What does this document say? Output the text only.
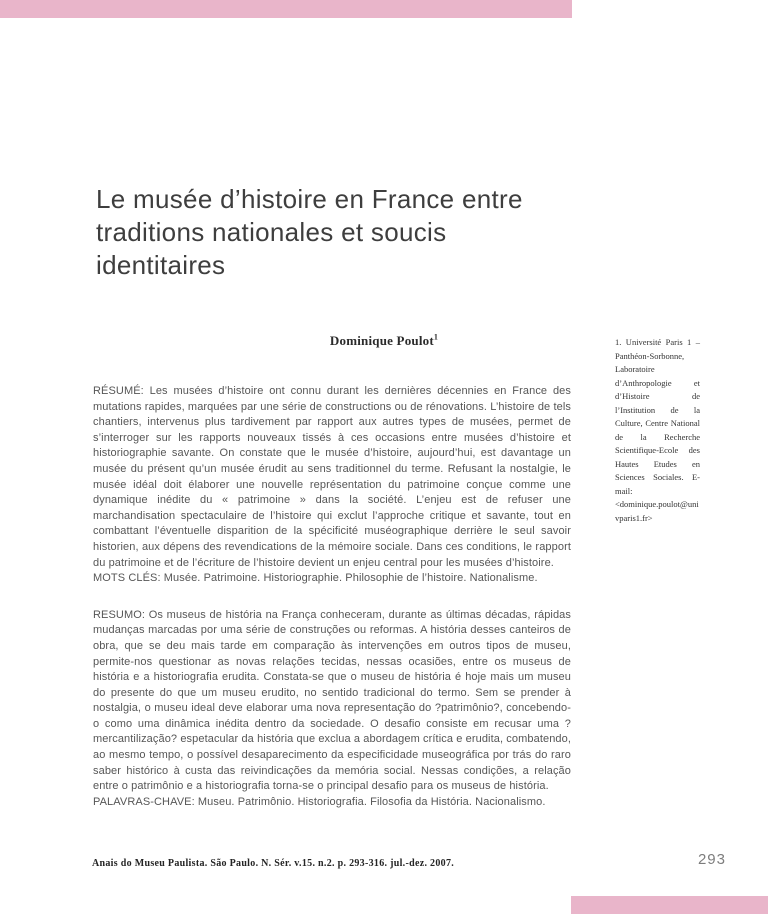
Le musée d’histoire en France entre
traditions nationales et soucis identitaires
Dominique Poulot$^1$	1. Université Paris 1 – Panthéon-Sorbonne, Laboratoire d’Anthropologie et d’Histoire de l’Institution de la Culture, Centre National de la Recherche Scientifique-Ecole des Hautes Etudes en Sciences Sociales. E-mail: <dominique.poulot@univparis1.fr>

RÉSUMÉ: Les musées d’histoire ont connu durant les dernières décennies en France des mutations rapides, marquées par une série de constructions ou de rénovations. L’histoire de tels chantiers, intervenus plus tardivement par rapport aux autres types de musées, permet de s’interroger sur les rapports nouveaux tissés à ces occasions entre musées d’histoire et historiographie savante. On constate que le musée d’histoire, aujourd’hui, est davantage un musée du présent qu’un musée érudit au sens traditionnel du terme. Refusant la nostalgie, le musée idéal doit élaborer une nouvelle représentation du patrimoine conçue comme une dynamique inédite du « patrimoine » dans la société. L’enjeu est de refuser une marchandisation spectaculaire de l’histoire qui exclut l’approche critique et savante, tout en combattant l’éventuelle disparition de la spécificité muséographique derrière le seul savoir historien, aux dépens des revendications de la mémoire sociale. Dans ces conditions, le rapport du patrimoine et de l’écriture de l’histoire devient un enjeu central pour les musées d’histoire.

MOTS CLÉS: Musée. Patrimoine. Historiographie. Philosophie de l’histoire. Nationalisme.

RESUMO: Os museus de história na França conheceram, durante as últimas décadas, rápidas mudanças marcadas por uma série de construções ou reformas. A história desses canteiros de obra, que se deu mais tarde em comparação às intervenções em outros tipos de museu, permite-nos questionar as novas relações tecidas, nessas ocasiões, entre os museus de história e a historiografia erudita. Constata-se que o museu de história é hoje mais um museu do presente do que um museu erudito, no sentido tradicional do termo. Sem se prender à nostalgia, o museu ideal deve elaborar uma nova representação do ?patrimônio?, concebendo-o como uma dinâmica inédita dentro da sociedade. O desafio consiste em recusar uma ?mercantilização? espetacular da história que exclua a abordagem crítica e erudita, combatendo, ao mesmo tempo, o possível desaparecimento da especificidade museográfica por trás do raro saber histórico à custa das reivindicações da memória social. Nessas condições, a relação entre o patrimônio e a historiografia torna-se o principal desafio para os museus de história.

PALAVRAS-CHAVE: Museu. Patrimônio. Historiografia. Filosofia da História. Nacionalismo.
Anais do Museu Paulista. São Paulo. N. Sér. v.15. n.2. p. 293-316. jul.-dez. 2007.	293
